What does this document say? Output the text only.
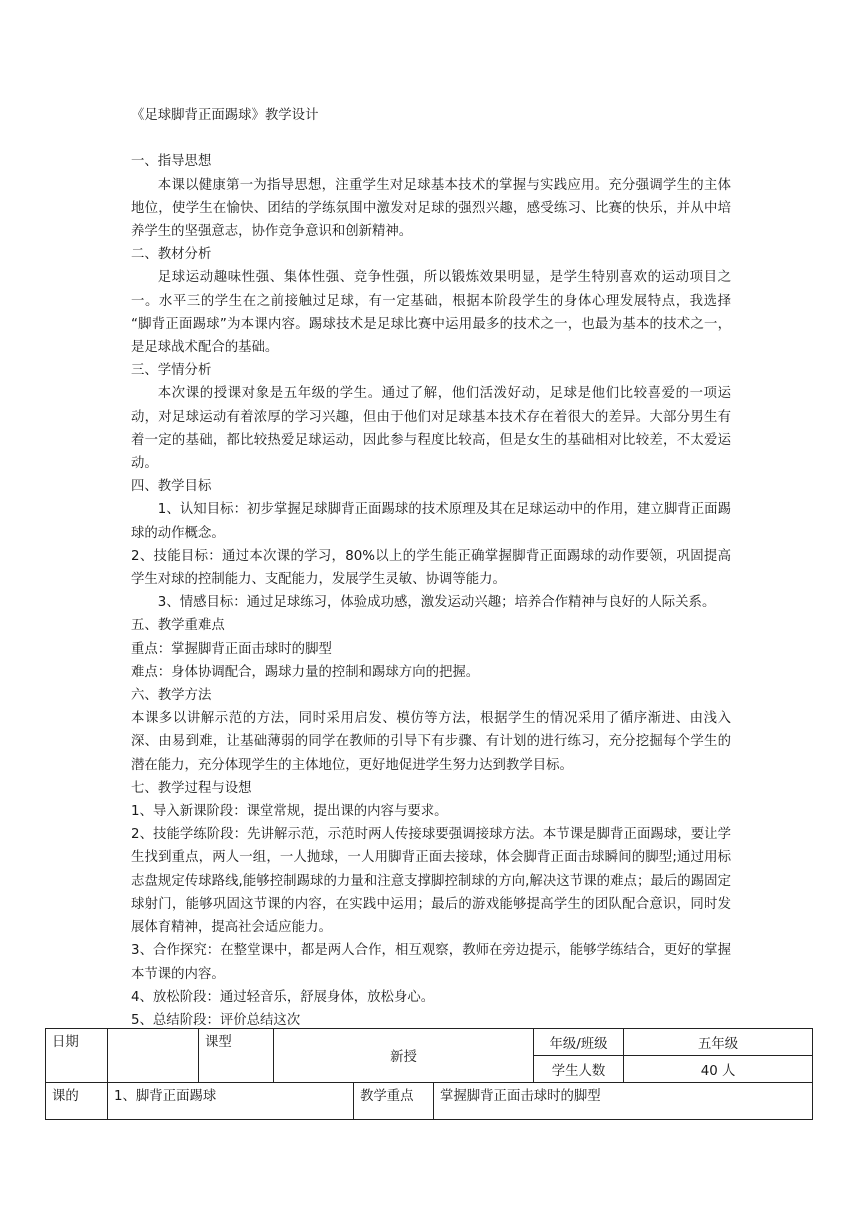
《足球脚背正面踢球》教学设计

一、指导思想

本课以健康第一为指导思想，注重学生对足球基本技术的掌握与实践应用。充分强调学生的主体地位，使学生在愉快、团结的学练氛围中激发对足球的强烈兴趣，感受练习、比赛的快乐，并从中培养学生的坚强意志，协作竞争意识和创新精神。

二、教材分析

足球运动趣味性强、集体性强、竞争性强，所以锻炼效果明显，是学生特别喜欢的运动项目之一。水平三的学生在之前接触过足球，有一定基础，根据本阶段学生的身体心理发展特点，我选择 “脚背正面踢球”为本课内容。踢球技术是足球比赛中运用最多的技术之一，也最为基本的技术之一，是足球战术配合的基础。

三、学情分析

本次课的授课对象是五年级的学生。通过了解，他们活泼好动，足球是他们比较喜爱的一项运动，对足球运动有着浓厚的学习兴趣，但由于他们对足球基本技术存在着很大的差异。大部分男生有着一定的基础，都比较热爱足球运动，因此参与程度比较高，但是女生的基础相对比较差，不太爱运动。

四、教学目标

1、认知目标：初步掌握足球脚背正面踢球的技术原理及其在足球运动中的作用，建立脚背正面踢球的动作概念。

2、技能目标：通过本次课的学习，80%以上的学生能正确掌握脚背正面踢球的动作要领，巩固提高学生对球的控制能力、支配能力，发展学生灵敏、协调等能力。

3、情感目标：通过足球练习，体验成功感，激发运动兴趣；培养合作精神与良好的人际关系。

五、教学重难点

重点：掌握脚背正面击球时的脚型

难点：身体协调配合，踢球力量的控制和踢球方向的把握。

六、教学方法

本课多以讲解示范的方法，同时采用启发、模仿等方法，根据学生的情况采用了循序渐进、由浅入深、由易到难，让基础薄弱的同学在教师的引导下有步骤、有计划的进行练习，充分挖掘每个学生的潜在能力，充分体现学生的主体地位，更好地促进学生努力达到教学目标。

七、教学过程与设想

1、导入新课阶段：课堂常规，提出课的内容与要求。

2、技能学练阶段：先讲解示范，示范时两人传接球要强调接球方法。本节课是脚背正面踢球，要让学生找到重点，两人一组，一人抛球，一人用脚背正面去接球，体会脚背正面击球瞬间的脚型;通过用标志盘规定传球路线,能够控制踢球的力量和注意支撑脚控制球的方向,解决这节课的难点；最后的踢固定球射门，能够巩固这节课的内容，在实践中运用；最后的游戏能够提高学生的团队配合意识，同时发展体育精神，提高社会适应能力。

3、合作探究：在整堂课中，都是两人合作，相互观察，教师在旁边提示，能够学练结合，更好的掌握本节课的内容。

4、放松阶段：通过轻音乐，舒展身体，放松身心。

5、总结阶段：评价总结这次

日期		课型	新授			年级/班级	五年级
						学生人数	40 人
课的	1、脚背正面踢球			教学重点	掌握脚背正面击球时的脚型		
